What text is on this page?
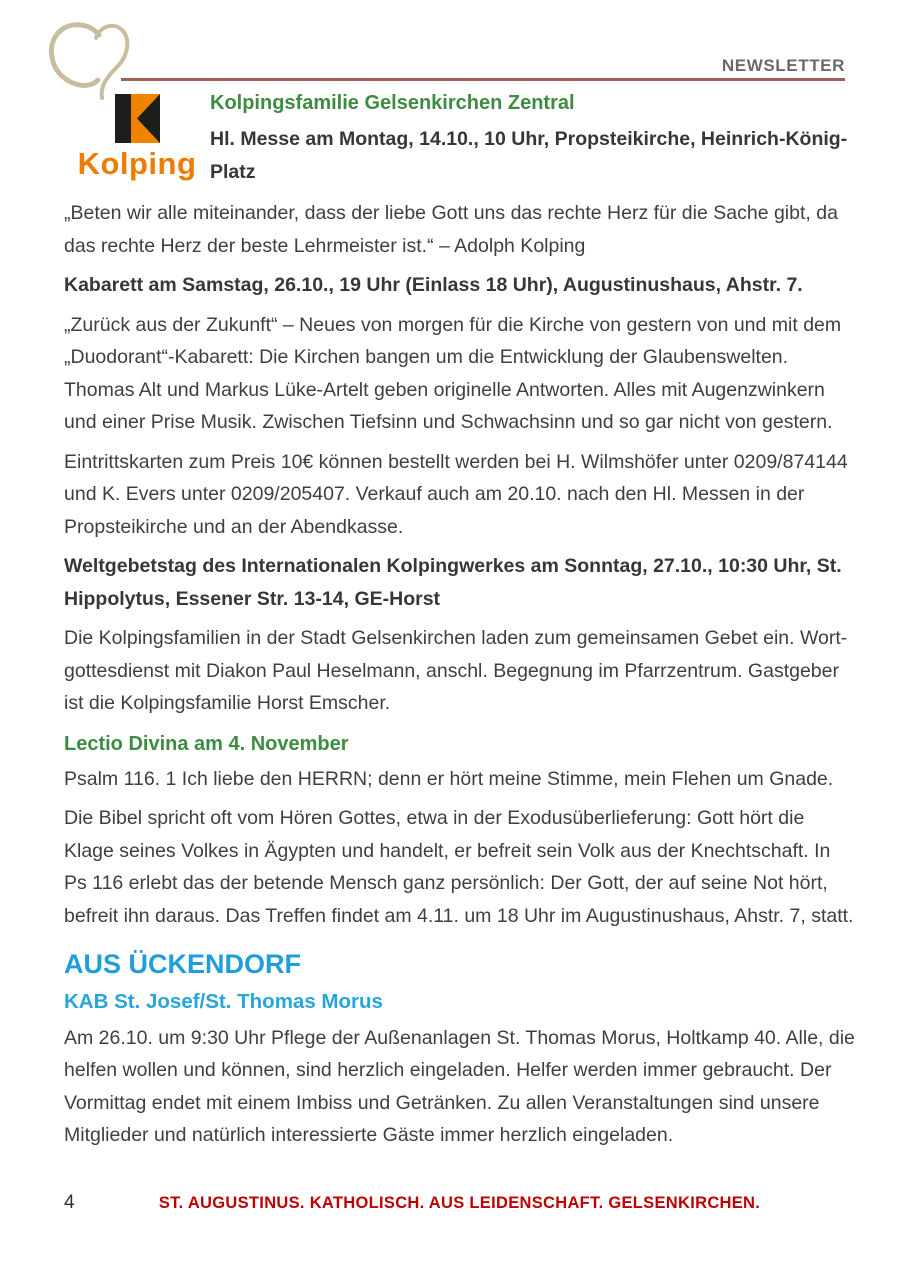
NEWSLETTER
Kolping
Kolpingsfamilie Gelsenkirchen Zentral

Hl. Messe am Montag, 14.10., 10 Uhr, Propsteikirche, Heinrich-König-Platz

„Beten wir alle miteinander, dass der liebe Gott uns das rechte Herz für die Sache gibt, da das rechte Herz der beste Lehrmeister ist.“ – Adolph Kolping

Kabarett am Samstag, 26.10., 19 Uhr (Einlass 18 Uhr), Augustinushaus, Ahstr. 7.

„Zurück aus der Zukunft“ – Neues von morgen für die Kirche von gestern von und mit dem „Duodorant“-Kabarett: Die Kirchen bangen um die Entwicklung der Glaubenswelten. Thomas Alt und Markus Lüke-Artelt geben originelle Antworten. Alles mit Augenzwinkern und einer Prise Musik. Zwischen Tiefsinn und Schwachsinn und so gar nicht von gestern.

Eintrittskarten zum Preis 10€ können bestellt werden bei H. Wilmshöfer unter 0209/874144 und K. Evers unter 0209/205407. Verkauf auch am 20.10. nach den Hl. Messen in der Propsteikirche und an der Abendkasse.

Weltgebetstag des Internationalen Kolpingwerkes am Sonntag, 27.10., 10:30 Uhr, St. Hippolytus, Essener Str. 13-14, GE-Horst

Die Kolpingsfamilien in der Stadt Gelsenkirchen laden zum gemeinsamen Gebet ein. Wortgottesdienst mit Diakon Paul Heselmann, anschl. Begegnung im Pfarrzentrum. Gastgeber ist die Kolpingsfamilie Horst Emscher.

Lectio Divina am 4. November

Psalm 116. 1 Ich liebe den HERRN; denn er hört meine Stimme, mein Flehen um Gnade.

Die Bibel spricht oft vom Hören Gottes, etwa in der Exodusüberlieferung: Gott hört die Klage seines Volkes in Ägypten und handelt, er befreit sein Volk aus der Knechtschaft. In Ps 116 erlebt das der betende Mensch ganz persönlich: Der Gott, der auf seine Not hört, befreit ihn daraus. Das Treffen findet am 4.11. um 18 Uhr im Augustinushaus, Ahstr. 7, statt.

AUS ÜCKENDORF
KAB St. Josef/St. Thomas Morus

Am 26.10. um 9:30 Uhr Pflege der Außenanlagen St. Thomas Morus, Holtkamp 40. Alle, die helfen wollen und können, sind herzlich eingeladen. Helfer werden immer gebraucht. Der Vormittag endet mit einem Imbiss und Getränken. Zu allen Veranstaltungen sind unsere Mitglieder und natürlich interessierte Gäste immer herzlich eingeladen.

4	ST. AUGUSTINUS. KATHOLISCH. AUS LEIDENSCHAFT. GELSENKIRCHEN.
